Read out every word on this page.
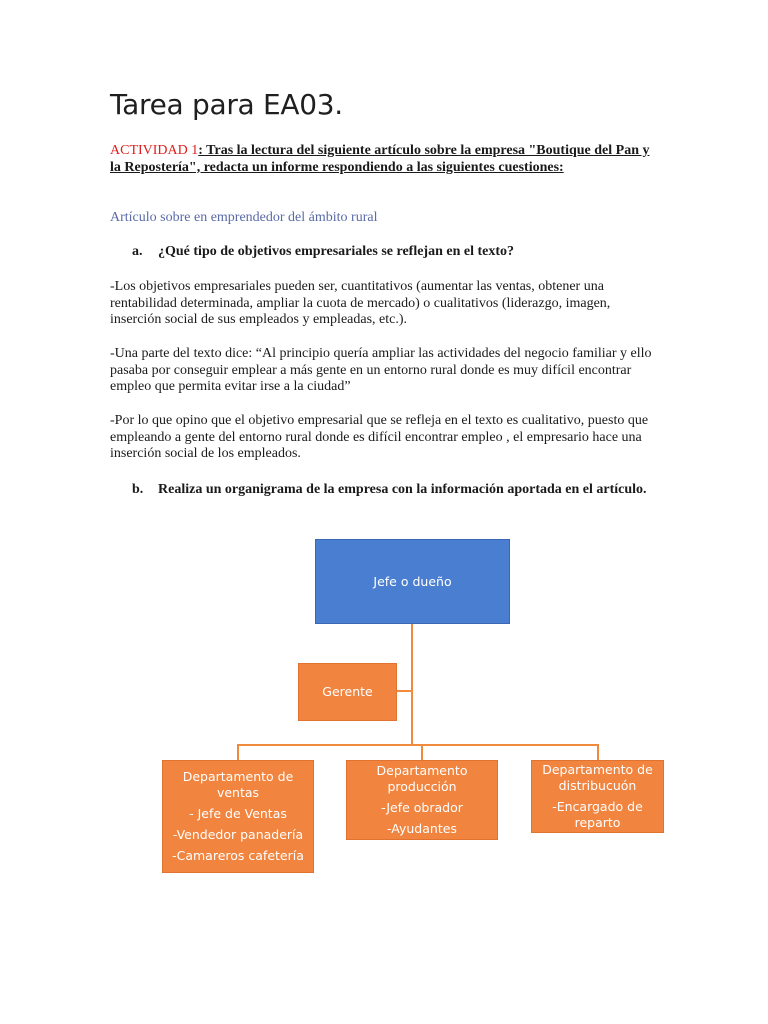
Tarea para EA03.

ACTIVIDAD 1: Tras la lectura del siguiente artículo sobre la empresa "Boutique del Pan y la Repostería", redacta un informe respondiendo a las siguientes cuestiones:

Artículo sobre en emprendedor del ámbito rural

a.	¿Qué tipo de objetivos empresariales se reflejan en el texto?

-Los objetivos empresariales pueden ser, cuantitativos (aumentar las ventas, obtener una rentabilidad determinada, ampliar la cuota de mercado) o cualitativos (liderazgo, imagen, inserción social de sus empleados y empleadas, etc.).

-Una parte del texto dice: “Al principio quería ampliar las actividades del negocio familiar y ello pasaba por conseguir emplear a más gente en un entorno rural donde es muy difícil encontrar empleo que permita evitar irse a la ciudad”

-Por lo que opino que el objetivo empresarial que se refleja en el texto es cualitativo, puesto que empleando a gente del entorno rural donde es difícil encontrar empleo , el empresario hace una inserción social de los empleados.

b.	Realiza un organigrama de la empresa con la información aportada en el artículo.
Jefe o dueño
Gerente
Departamento de
ventas
- Jefe de Ventas
-Vendedor panadería
-Camareros cafetería
Departamento
producción
-Jefe obrador
-Ayudantes
Departamento de
distribucuón
-Encargado de
reparto
